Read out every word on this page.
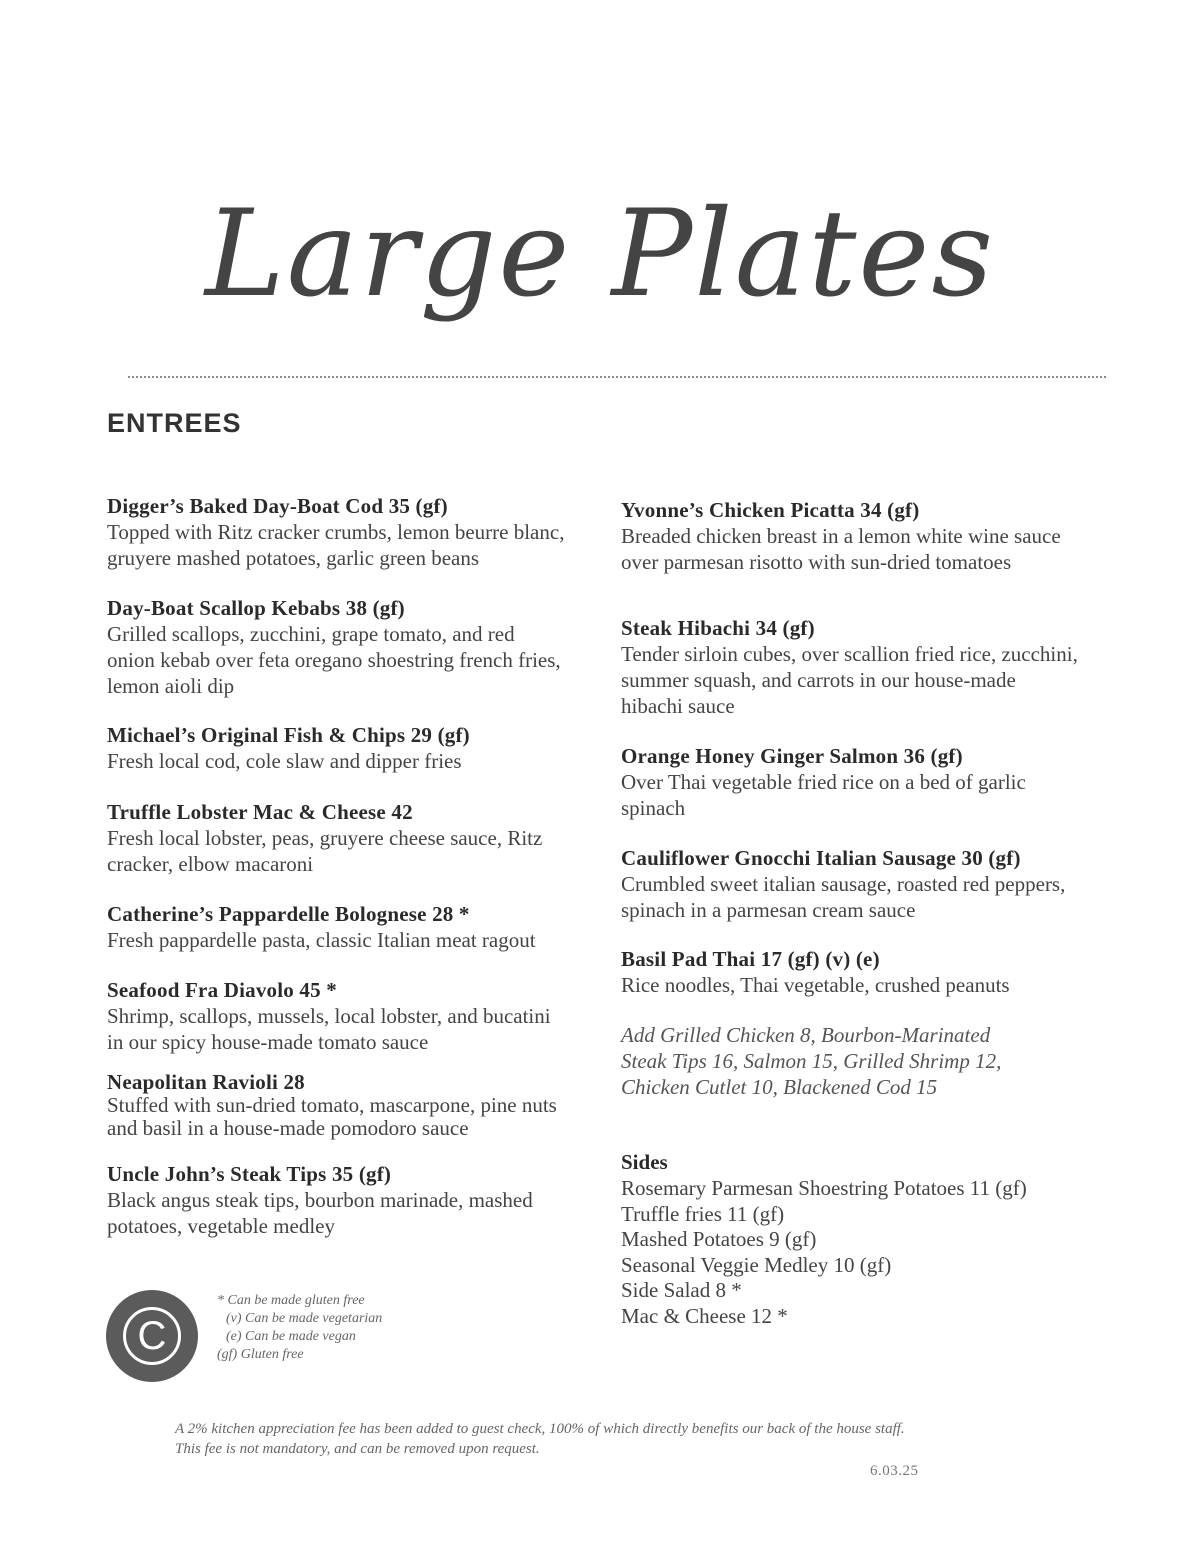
Large Plates
ENTREES
Digger’s Baked Day-Boat Cod 35 (gf)
Topped with Ritz cracker crumbs, lemon beurre blanc, gruyere mashed potatoes, garlic green beans
Day-Boat Scallop Kebabs 38 (gf)
Grilled scallops, zucchini, grape tomato, and red onion kebab over feta oregano shoestring french fries, lemon aioli dip
Michael’s Original Fish & Chips 29 (gf)
Fresh local cod, cole slaw and dipper fries
Truffle Lobster Mac & Cheese 42
Fresh local lobster, peas, gruyere cheese sauce, Ritz cracker, elbow macaroni
Catherine’s Pappardelle Bolognese 28 *
Fresh pappardelle pasta, classic Italian meat ragout
Seafood Fra Diavolo 45 *
Shrimp, scallops, mussels, local lobster, and bucatini in our spicy house-made tomato sauce
Neapolitan Ravioli 28
Stuffed with sun-dried tomato, mascarpone, pine nuts and basil in a house-made pomodoro sauce
Uncle John’s Steak Tips 35 (gf)
Black angus steak tips, bourbon marinade, mashed potatoes, vegetable medley
Yvonne’s Chicken Picatta 34 (gf)
Breaded chicken breast in a lemon white wine sauce over parmesan risotto with sun-dried tomatoes
Steak Hibachi 34 (gf)
Tender sirloin cubes, over scallion fried rice, zucchini, summer squash, and carrots in our house-made hibachi sauce
Orange Honey Ginger Salmon 36 (gf)
Over Thai vegetable fried rice on a bed of garlic spinach
Cauliflower Gnocchi Italian Sausage 30 (gf)
Crumbled sweet italian sausage, roasted red peppers, spinach in a parmesan cream sauce
Basil Pad Thai 17 (gf) (v) (e)
Rice noodles, Thai vegetable, crushed peanuts
Add Grilled Chicken 8, Bourbon-Marinated
Steak Tips 16, Salmon 15, Grilled Shrimp 12,
Chicken Cutlet 10, Blackened Cod 15
Sides
Rosemary Parmesan Shoestring Potatoes 11 (gf)
Truffle fries 11 (gf)
Mashed Potatoes 9 (gf)
Seasonal Veggie Medley 10 (gf)
Side Salad 8 *
Mac & Cheese 12 *
C
* Can be made gluten free
(v) Can be made vegetarian
(e) Can be made vegan
(gf) Gluten free
A 2% kitchen appreciation fee has been added to guest check, 100% of which directly benefits our back of the house staff.
This fee is not mandatory, and can be removed upon request.
6.03.25
